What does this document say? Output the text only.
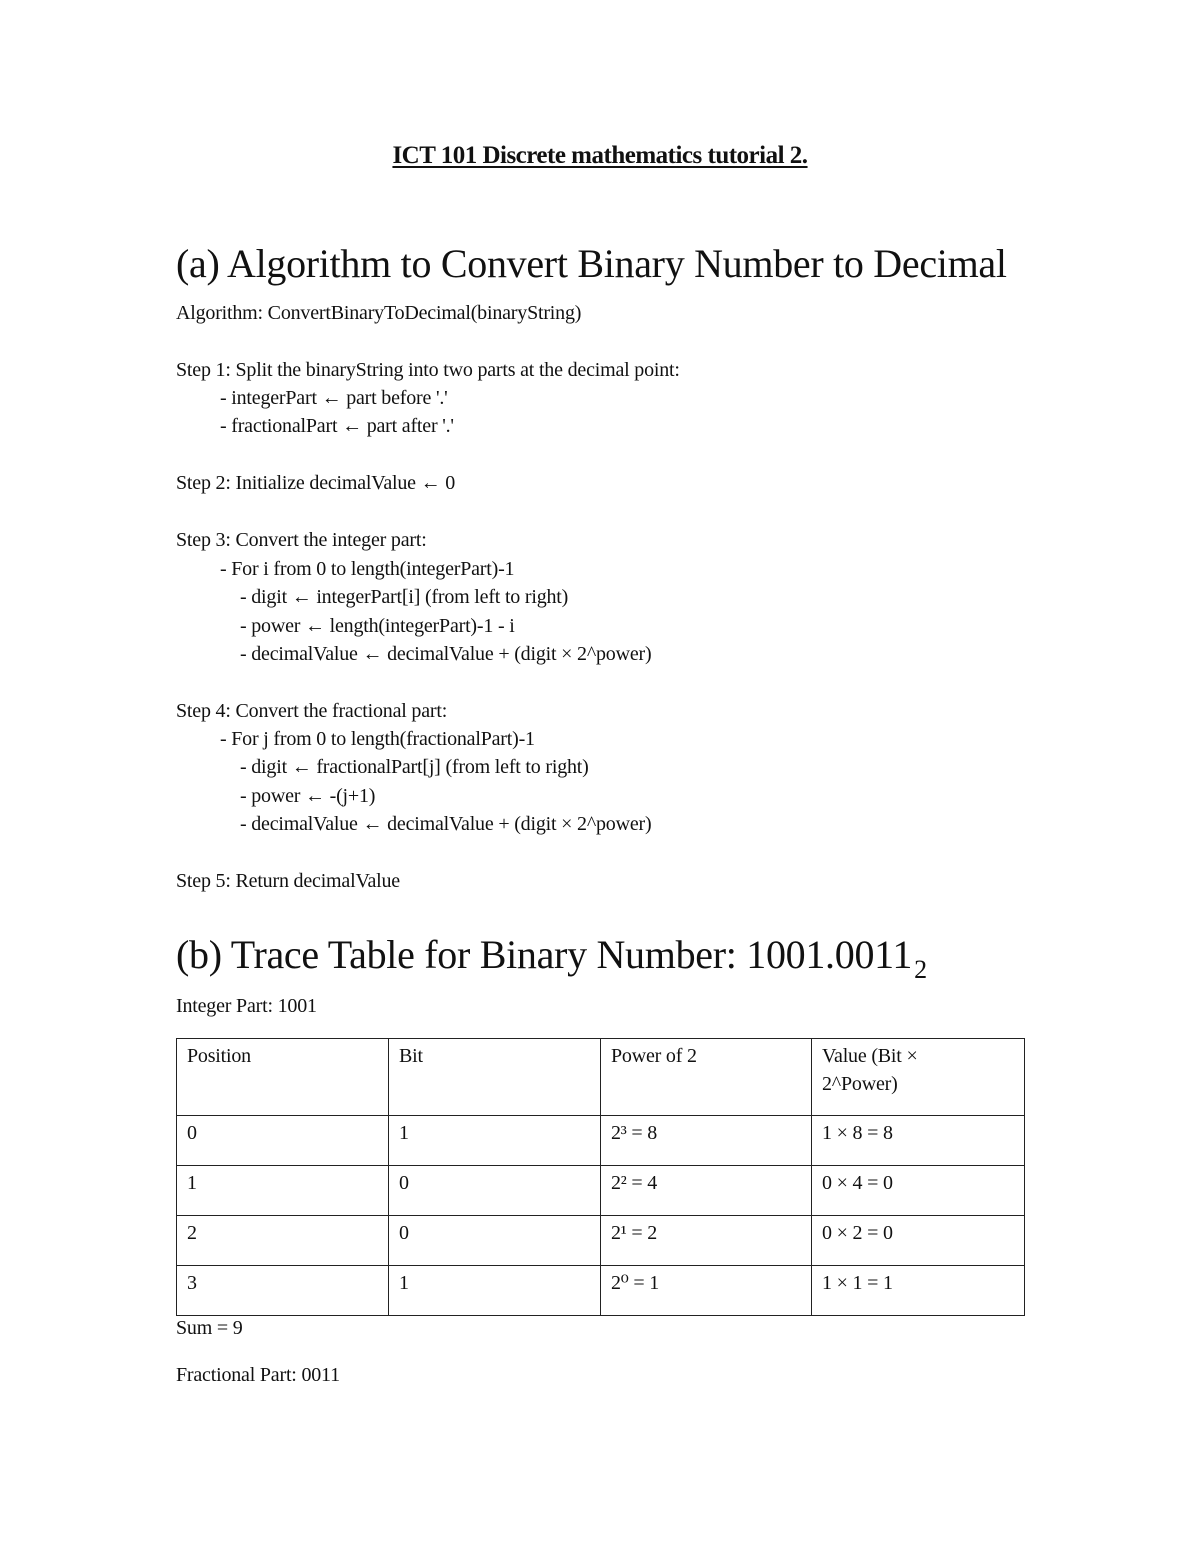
ICT 101 Discrete mathematics tutorial 2.
(a) Algorithm to Convert Binary Number to Decimal
Algorithm: ConvertBinaryToDecimal(binaryString)
Step 1: Split the binaryString into two parts at the decimal point:
- integerPart ← part before '.'
- fractionalPart ← part after '.'
Step 2: Initialize decimalValue ← 0
Step 3: Convert the integer part:
- For i from 0 to length(integerPart)-1
- digit ← integerPart[i] (from left to right)
- power ← length(integerPart)-1 - i
- decimalValue ← decimalValue + (digit × 2^power)
Step 4: Convert the fractional part:
- For j from 0 to length(fractionalPart)-1
- digit ← fractionalPart[j] (from left to right)
- power ← -(j+1)
- decimalValue ← decimalValue + (digit × 2^power)
Step 5: Return decimalValue
(b) Trace Table for Binary Number: $1001.0011_2$
Integer Part: 1001
Position	Bit	Power of 2	Value (Bit × 2^Power)
0	1	2³ = 8	1 × 8 = 8
1	0	2² = 4	0 × 4 = 0
2	0	2¹ = 2	0 × 2 = 0
3	1	2⁰ = 1	1 × 1 = 1
Sum = 9
Fractional Part: 0011
